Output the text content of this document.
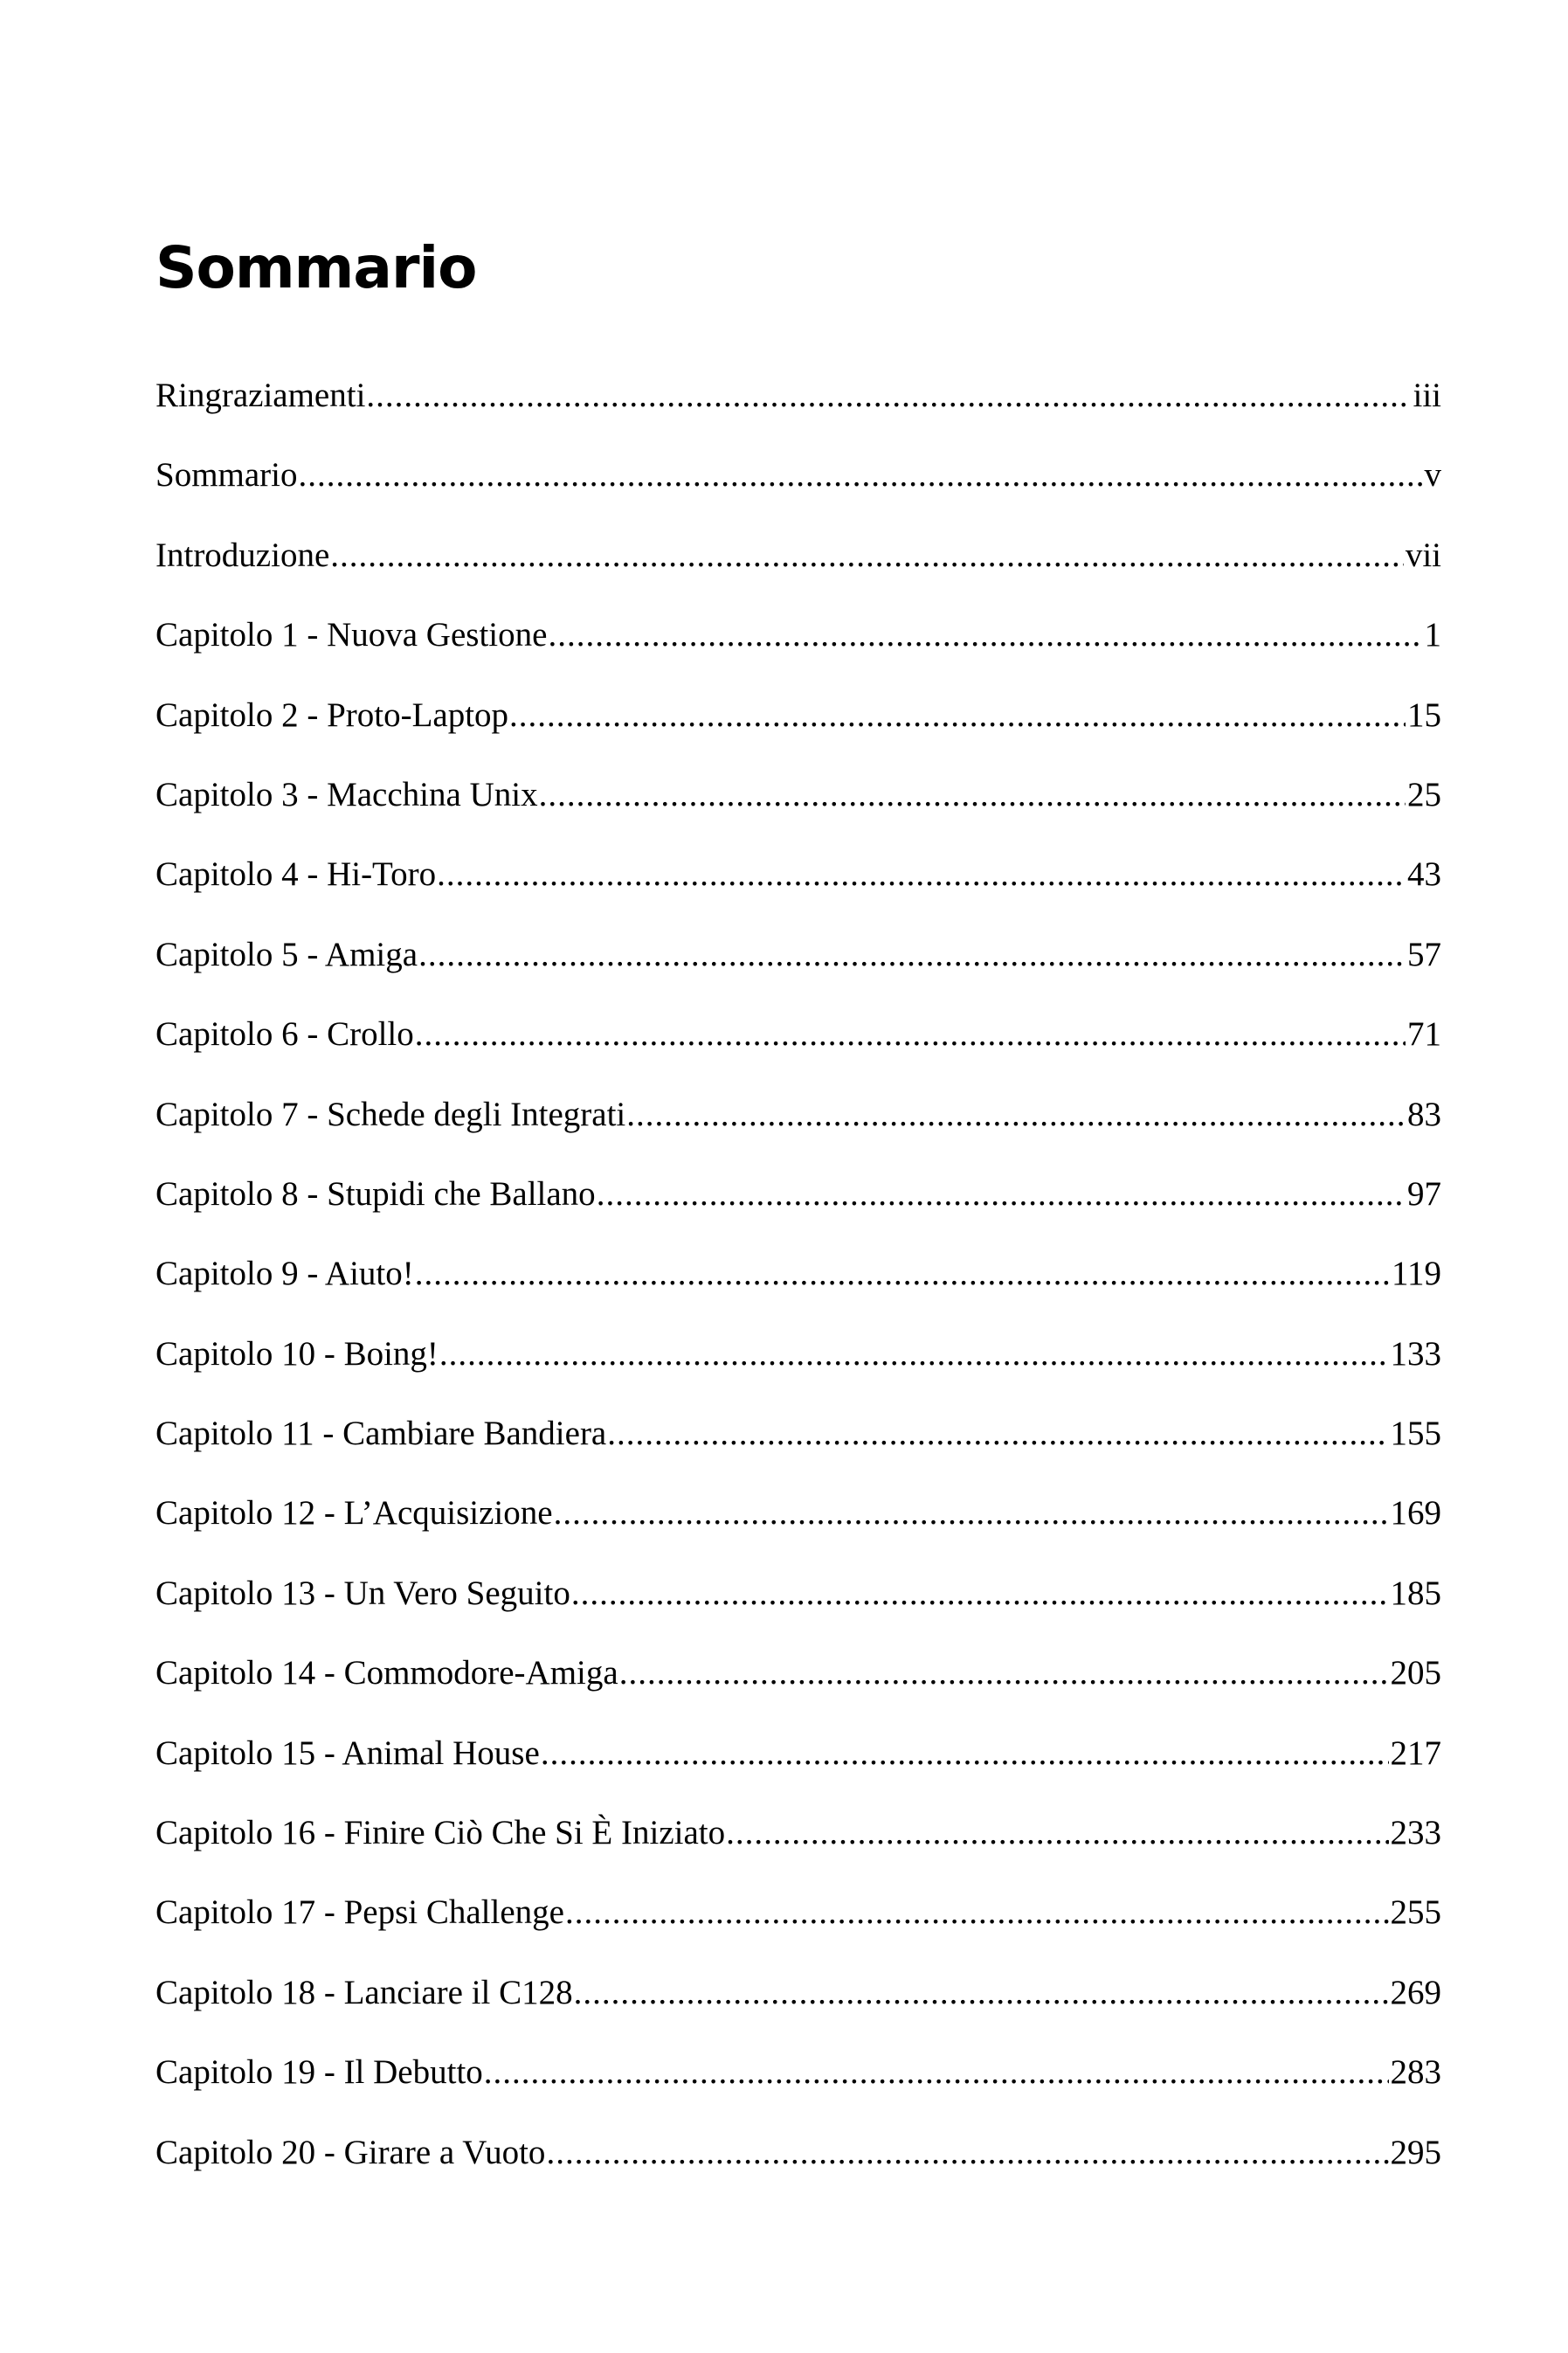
Sommario
Ringraziamenti .....	iii
Sommario .....	v
Introduzione .....	vii
Capitolo 1 - Nuova Gestione .....	1
Capitolo 2 - Proto-Laptop .....	15
Capitolo 3 - Macchina Unix .....	25
Capitolo 4 - Hi-Toro .....	43
Capitolo 5 - Amiga .....	57
Capitolo 6 - Crollo .....	71
Capitolo 7 - Schede degli Integrati .....	83
Capitolo 8 - Stupidi che Ballano .....	97
Capitolo 9 - Aiuto! .....	119
Capitolo 10 - Boing! .....	133
Capitolo 11 - Cambiare Bandiera .....	155
Capitolo 12 - L’Acquisizione .....	169
Capitolo 13 - Un Vero Seguito .....	185
Capitolo 14 - Commodore-Amiga .....	205
Capitolo 15 - Animal House .....	217
Capitolo 16 - Finire Ciò Che Si È Iniziato .....	233
Capitolo 17 - Pepsi Challenge .....	255
Capitolo 18 - Lanciare il C128 .....	269
Capitolo 19 - Il Debutto .....	283
Capitolo 20 - Girare a Vuoto .....	295
